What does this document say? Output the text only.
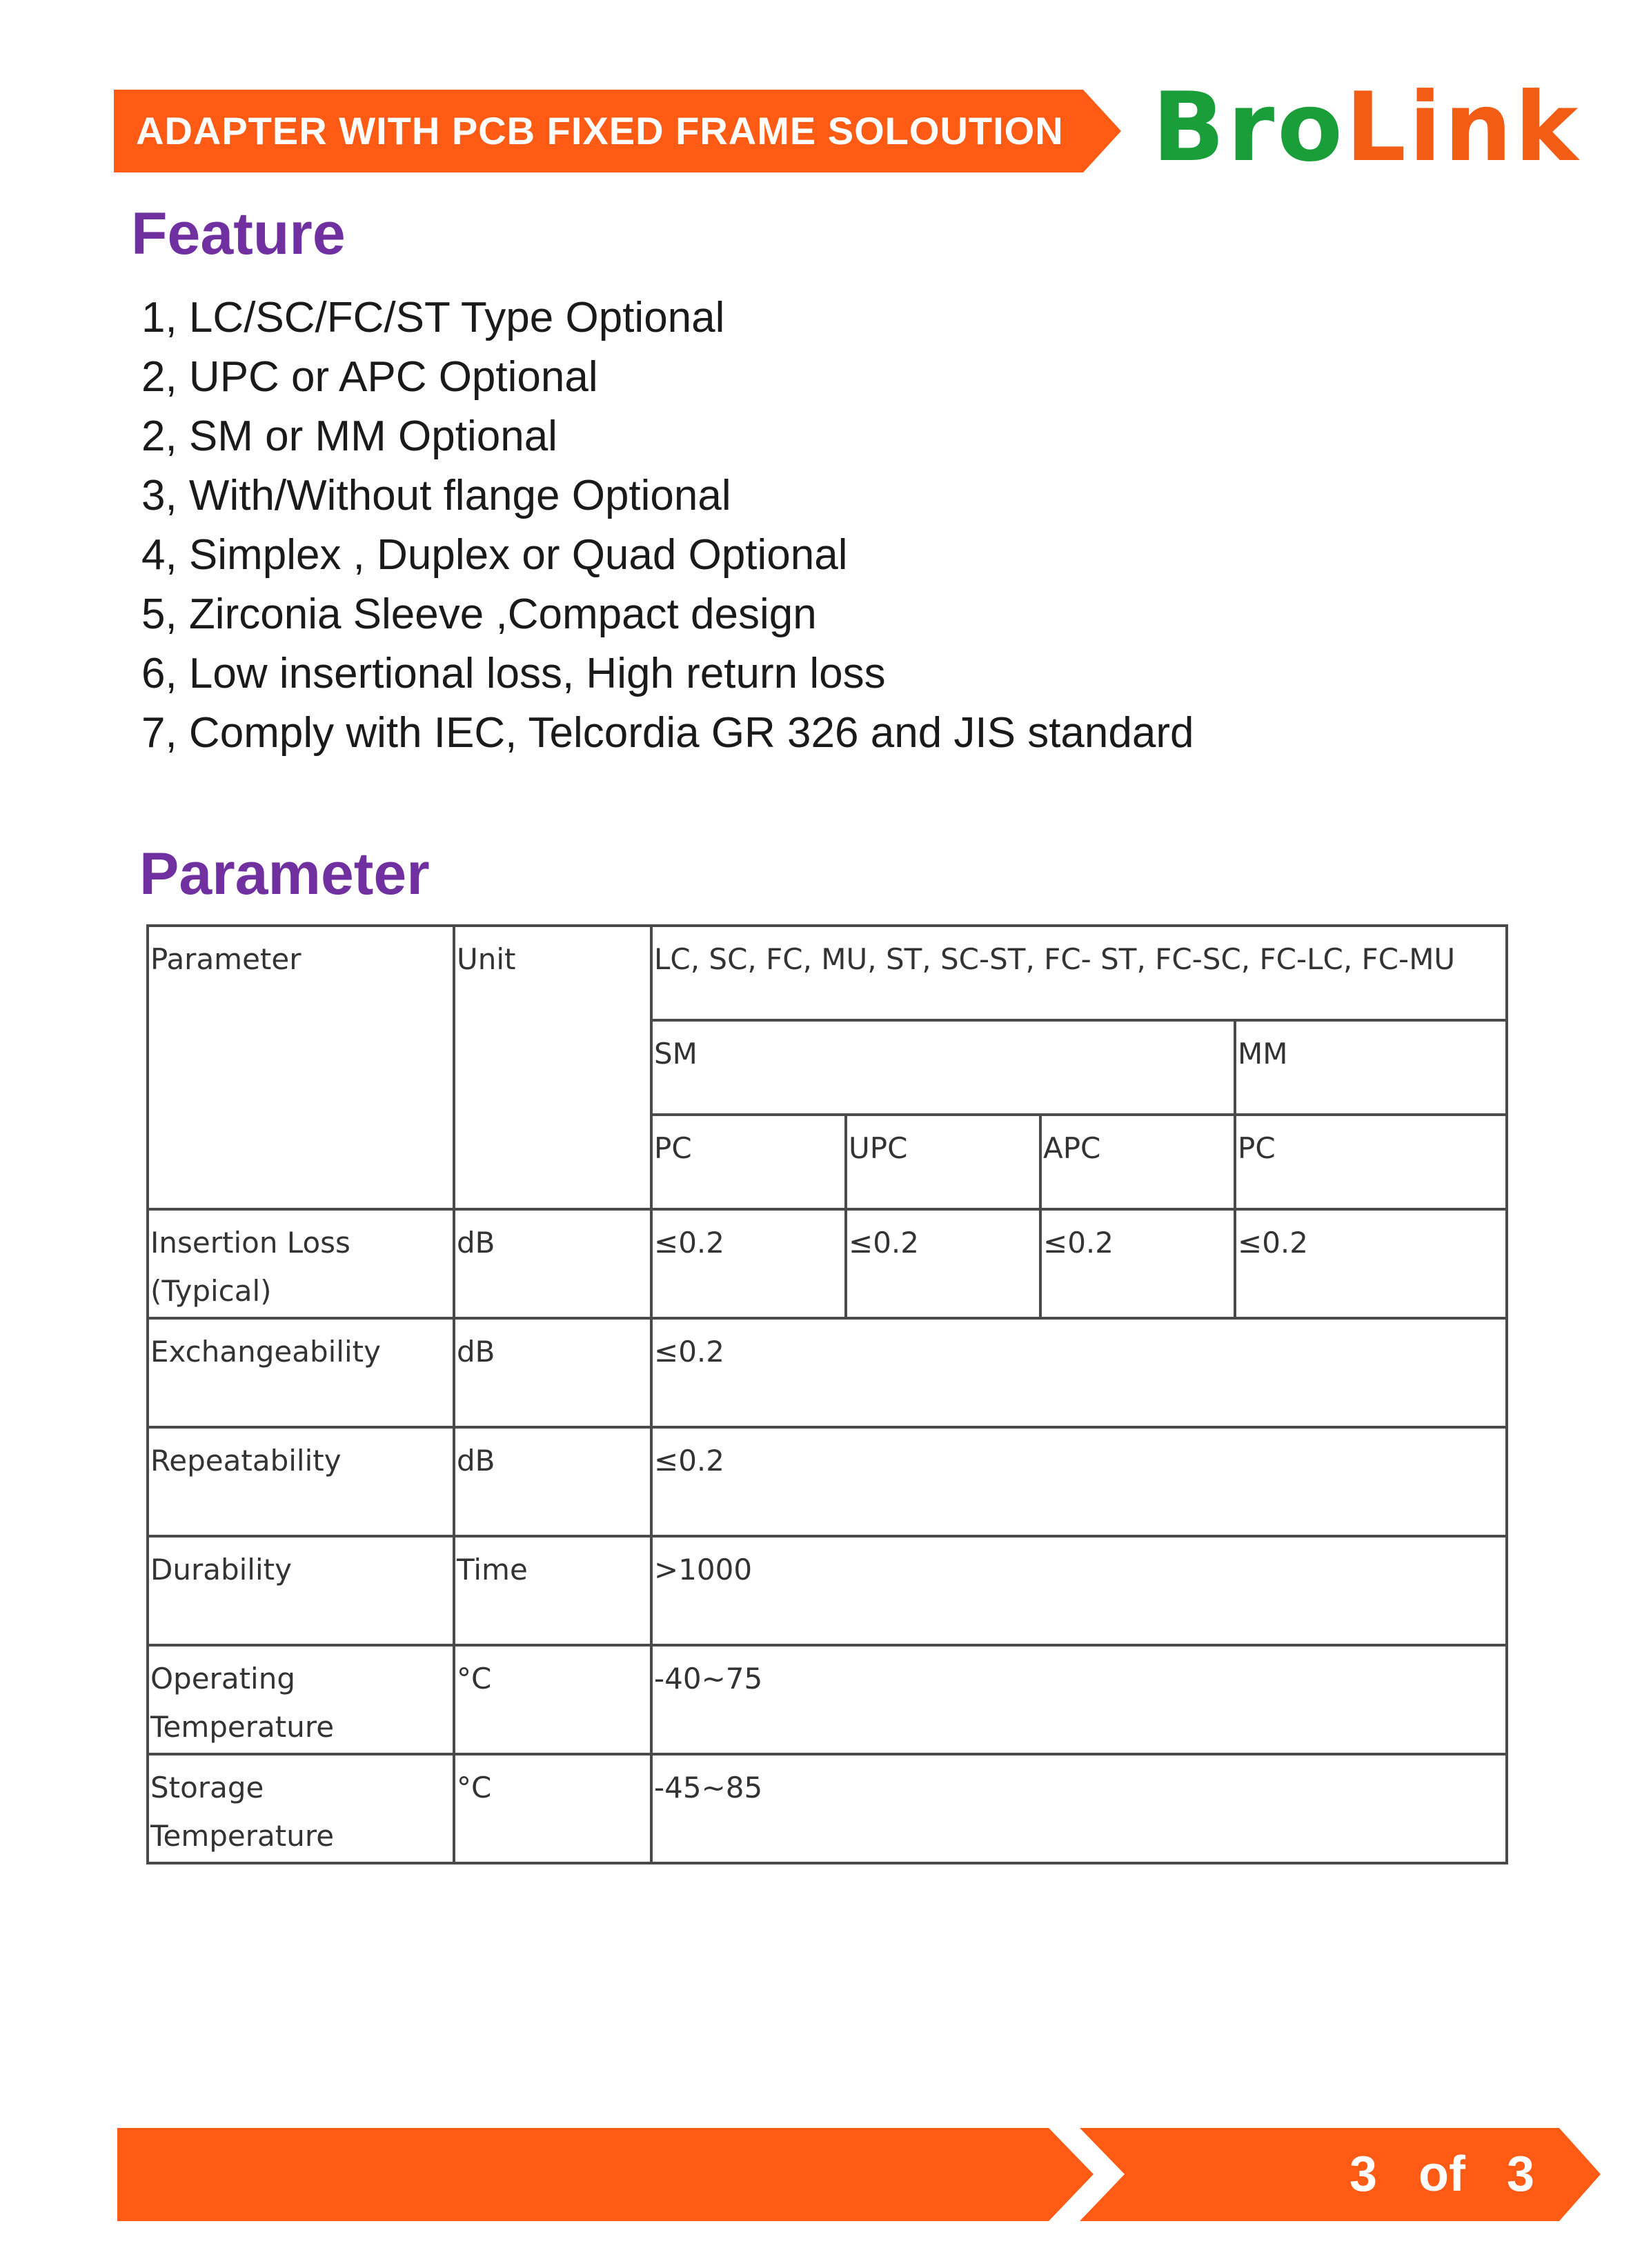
ADAPTER WITH PCB FIXED FRAME SOLOUTION BroLink
Feature
1, LC/SC/FC/ST Type Optional
2, UPC or APC Optional
2, SM or MM Optional
3, With/Without flange Optional
4, Simplex , Duplex or Quad Optional
5, Zirconia Sleeve ,Compact design
6, Low insertional loss, High return loss
7, Comply with IEC, Telcordia GR 326 and JIS standard
Parameter
Parameter	Unit	LC, SC, FC, MU, ST, SC-ST, FC- ST, FC-SC, FC-LC, FC-MU			
		SM			MM
		PC	UPC	APC	PC
Insertion Loss (Typical)	dB	≤0.2	≤0.2	≤0.2	≤0.2
Exchangeability	dB	≤0.2			
Repeatability	dB	≤0.2			
Durability	Time	>1000			
Operating Temperature	°C	-40~75			
Storage Temperature	°C	-45~85			
3   of   3
